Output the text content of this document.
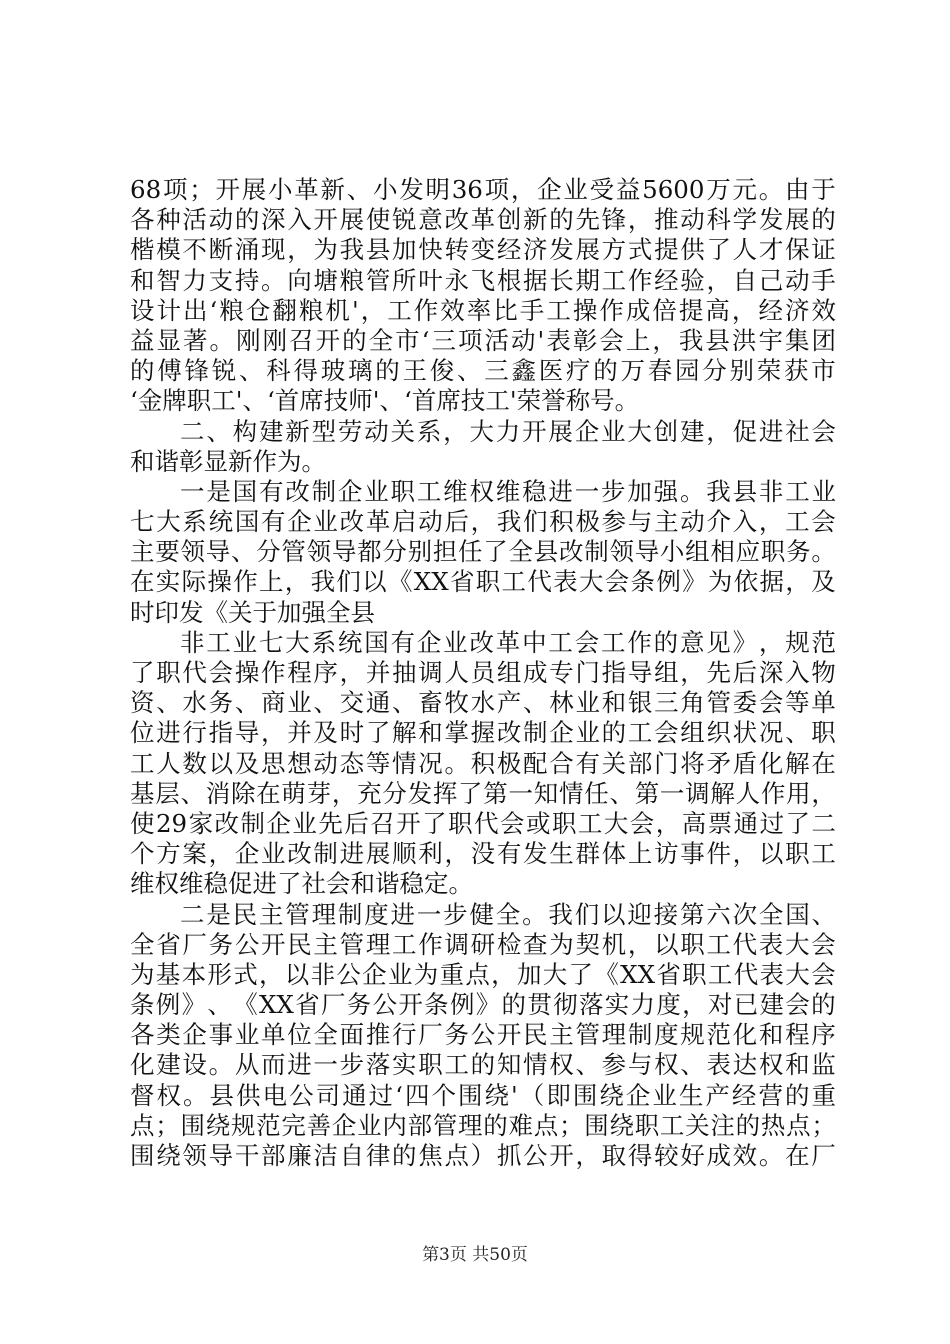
68 项 ； 开 展 小 革 新 、 小 发 明 36 项 ， 企 业 受 益 5600 万 元 。 由 于
各 种 活 动 的 深 入 开 展 使 锐 意 改 革 创 新 的 先 锋 ， 推 动 科 学 发 展 的
楷 模 不 断 涌 现 ， 为 我 县 加 快 转 变 经 济 发 展 方 式 提 供 了 人 才 保 证
和 智 力 支 持 。 向 塘 粮 管 所 叶 永 飞 根 据 长 期 工 作 经 验 ， 自 己 动 手
设 计 出 ‘ 粮 仓 翻 粮 机 ' ， 工 作 效 率 比 手 工 操 作 成 倍 提 高 ， 经 济 效
益 显 著 。 刚 刚 召 开 的 全 市 ‘ 三 项 活 动 ' 表 彰 会 上 ， 我 县 洪 宇 集 团
的 傅 锋 锐 、 科 得 玻 璃 的 王 俊 、 三 鑫 医 疗 的 万 春 园 分 别 荣 获 市
‘金牌职工'、‘首席技师'、‘首席技工'荣誉称号。
二 、 构 建 新 型 劳 动 关 系 ， 大 力 开 展 企 业 大 创 建 ， 促 进 社 会
和谐彰显新作为。
一 是 国 有 改 制 企 业 职 工 维 权 维 稳 进 一 步 加 强 。 我 县 非 工 业
七 大 系 统 国 有 企 业 改 革 启 动 后 ， 我 们 积 极 参 与 主 动 介 入 ， 工 会
主 要 领 导 、 分 管 领 导 都 分 别 担 任 了 全 县 改 制 领 导 小 组 相 应 职 务 。
在 实 际 操 作 上 ， 我 们 以 《 XX 省 职 工 代 表 大 会 条 例 》 为 依 据 ， 及
时印发《关于加强全县
非 工 业 七 大 系 统 国 有 企 业 改 革 中 工 会 工 作 的 意 见 》 ， 规 范
了 职 代 会 操 作 程 序 ， 并 抽 调 人 员 组 成 专 门 指 导 组 ， 先 后 深 入 物
资 、 水 务 、 商 业 、 交 通 、 畜 牧 水 产 、 林 业 和 银 三 角 管 委 会 等 单
位 进 行 指 导 ， 并 及 时 了 解 和 掌 握 改 制 企 业 的 工 会 组 织 状 况 、 职
工 人 数 以 及 思 想 动 态 等 情 况 。 积 极 配 合 有 关 部 门 将 矛 盾 化 解 在
基 层 、 消 除 在 萌 芽 ， 充 分 发 挥 了 第 一 知 情 任 、 第 一 调 解 人 作 用 ，
使 29 家 改 制 企 业 先 后 召 开 了 职 代 会 或 职 工 大 会 ， 高 票 通 过 了 二
个 方 案 ， 企 业 改 制 进 展 顺 利 ， 没 有 发 生 群 体 上 访 事 件 ， 以 职 工
维权维稳促进了社会和谐稳定。
二 是 民 主 管 理 制 度 进 一 步 健 全 。 我 们 以 迎 接 第 六 次 全 国 、
全 省 厂 务 公 开 民 主 管 理 工 作 调 研 检 查 为 契 机 ， 以 职 工 代 表 大 会
为 基 本 形 式 ， 以 非 公 企 业 为 重 点 ， 加 大 了 《 XX 省 职 工 代 表 大 会
条 例 》 、 《 XX 省 厂 务 公 开 条 例 》 的 贯 彻 落 实 力 度 ， 对 已 建 会 的
各 类 企 事 业 单 位 全 面 推 行 厂 务 公 开 民 主 管 理 制 度 规 范 化 和 程 序
化 建 设 。 从 而 进 一 步 落 实 职 工 的 知 情 权 、 参 与 权 、 表 达 权 和 监
督 权 。 县 供 电 公 司 通 过 ‘ 四 个 围 绕 ' （ 即 围 绕 企 业 生 产 经 营 的 重
点 ； 围 绕 规 范 完 善 企 业 内 部 管 理 的 难 点 ； 围 绕 职 工 关 注 的 热 点 ；
围 绕 领 导 干 部 廉 洁 自 律 的 焦 点 ） 抓 公 开 ， 取 得 较 好 成 效 。 在 厂
第3页 共50页
